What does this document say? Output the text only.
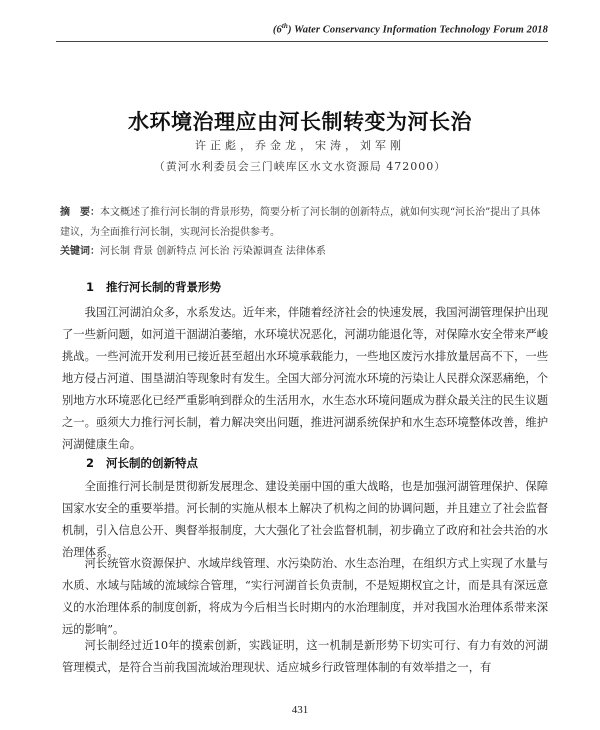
(6th) Water Conservancy Information Technology Forum 2018
水环境治理应由河长制转变为河长治
许正彪，乔金龙，宋涛，刘军刚
（黄河水利委员会三门峡库区水文水资源局 472000）
摘　要：本文概述了推行河长制的背景形势，简要分析了河长制的创新特点，就如何实现“河长治”提出了具体建议，为全面推行河长制，实现河长治提供参考。
关键词：河长制 背景 创新特点 河长治 污染源调查 法律体系
1 推行河长制的背景形势
我国江河湖泊众多，水系发达。近年来，伴随着经济社会的快速发展，我国河湖管理保护出现了一些新问题，如河道干涸湖泊萎缩，水环境状况恶化，河湖功能退化等，对保障水安全带来严峻挑战。一些河流开发利用已接近甚至超出水环境承载能力，一些地区废污水排放量居高不下，一些地方侵占河道、围垦湖泊等现象时有发生。全国大部分河流水环境的污染让人民群众深恶痛绝，个别地方水环境恶化已经严重影响到群众的生活用水，水生态水环境问题成为群众最关注的民生议题之一。亟须大力推行河长制，着力解决突出问题，推进河湖系统保护和水生态环境整体改善，维护河湖健康生命。
2 河长制的创新特点
全面推行河长制是贯彻新发展理念、建设美丽中国的重大战略，也是加强河湖管理保护、保障国家水安全的重要举措。河长制的实施从根本上解决了机构之间的协调问题，并且建立了社会监督机制，引入信息公开、舆督举报制度，大大强化了社会监督机制，初步确立了政府和社会共治的水治理体系。
河长统管水资源保护、水域岸线管理、水污染防治、水生态治理，在组织方式上实现了水量与水质、水域与陆域的流域综合管理，“实行河湖首长负责制，不是短期权宜之计，而是具有深远意义的水治理体系的制度创新，将成为今后相当长时期内的水治理制度，并对我国水治理体系带来深远的影响”。
河长制经过近10年的摸索创新，实践证明，这一机制是新形势下切实可行、有力有效的河湖管理模式，是符合当前我国流域治理现状、适应城乡行政管理体制的有效举措之一，有
431
